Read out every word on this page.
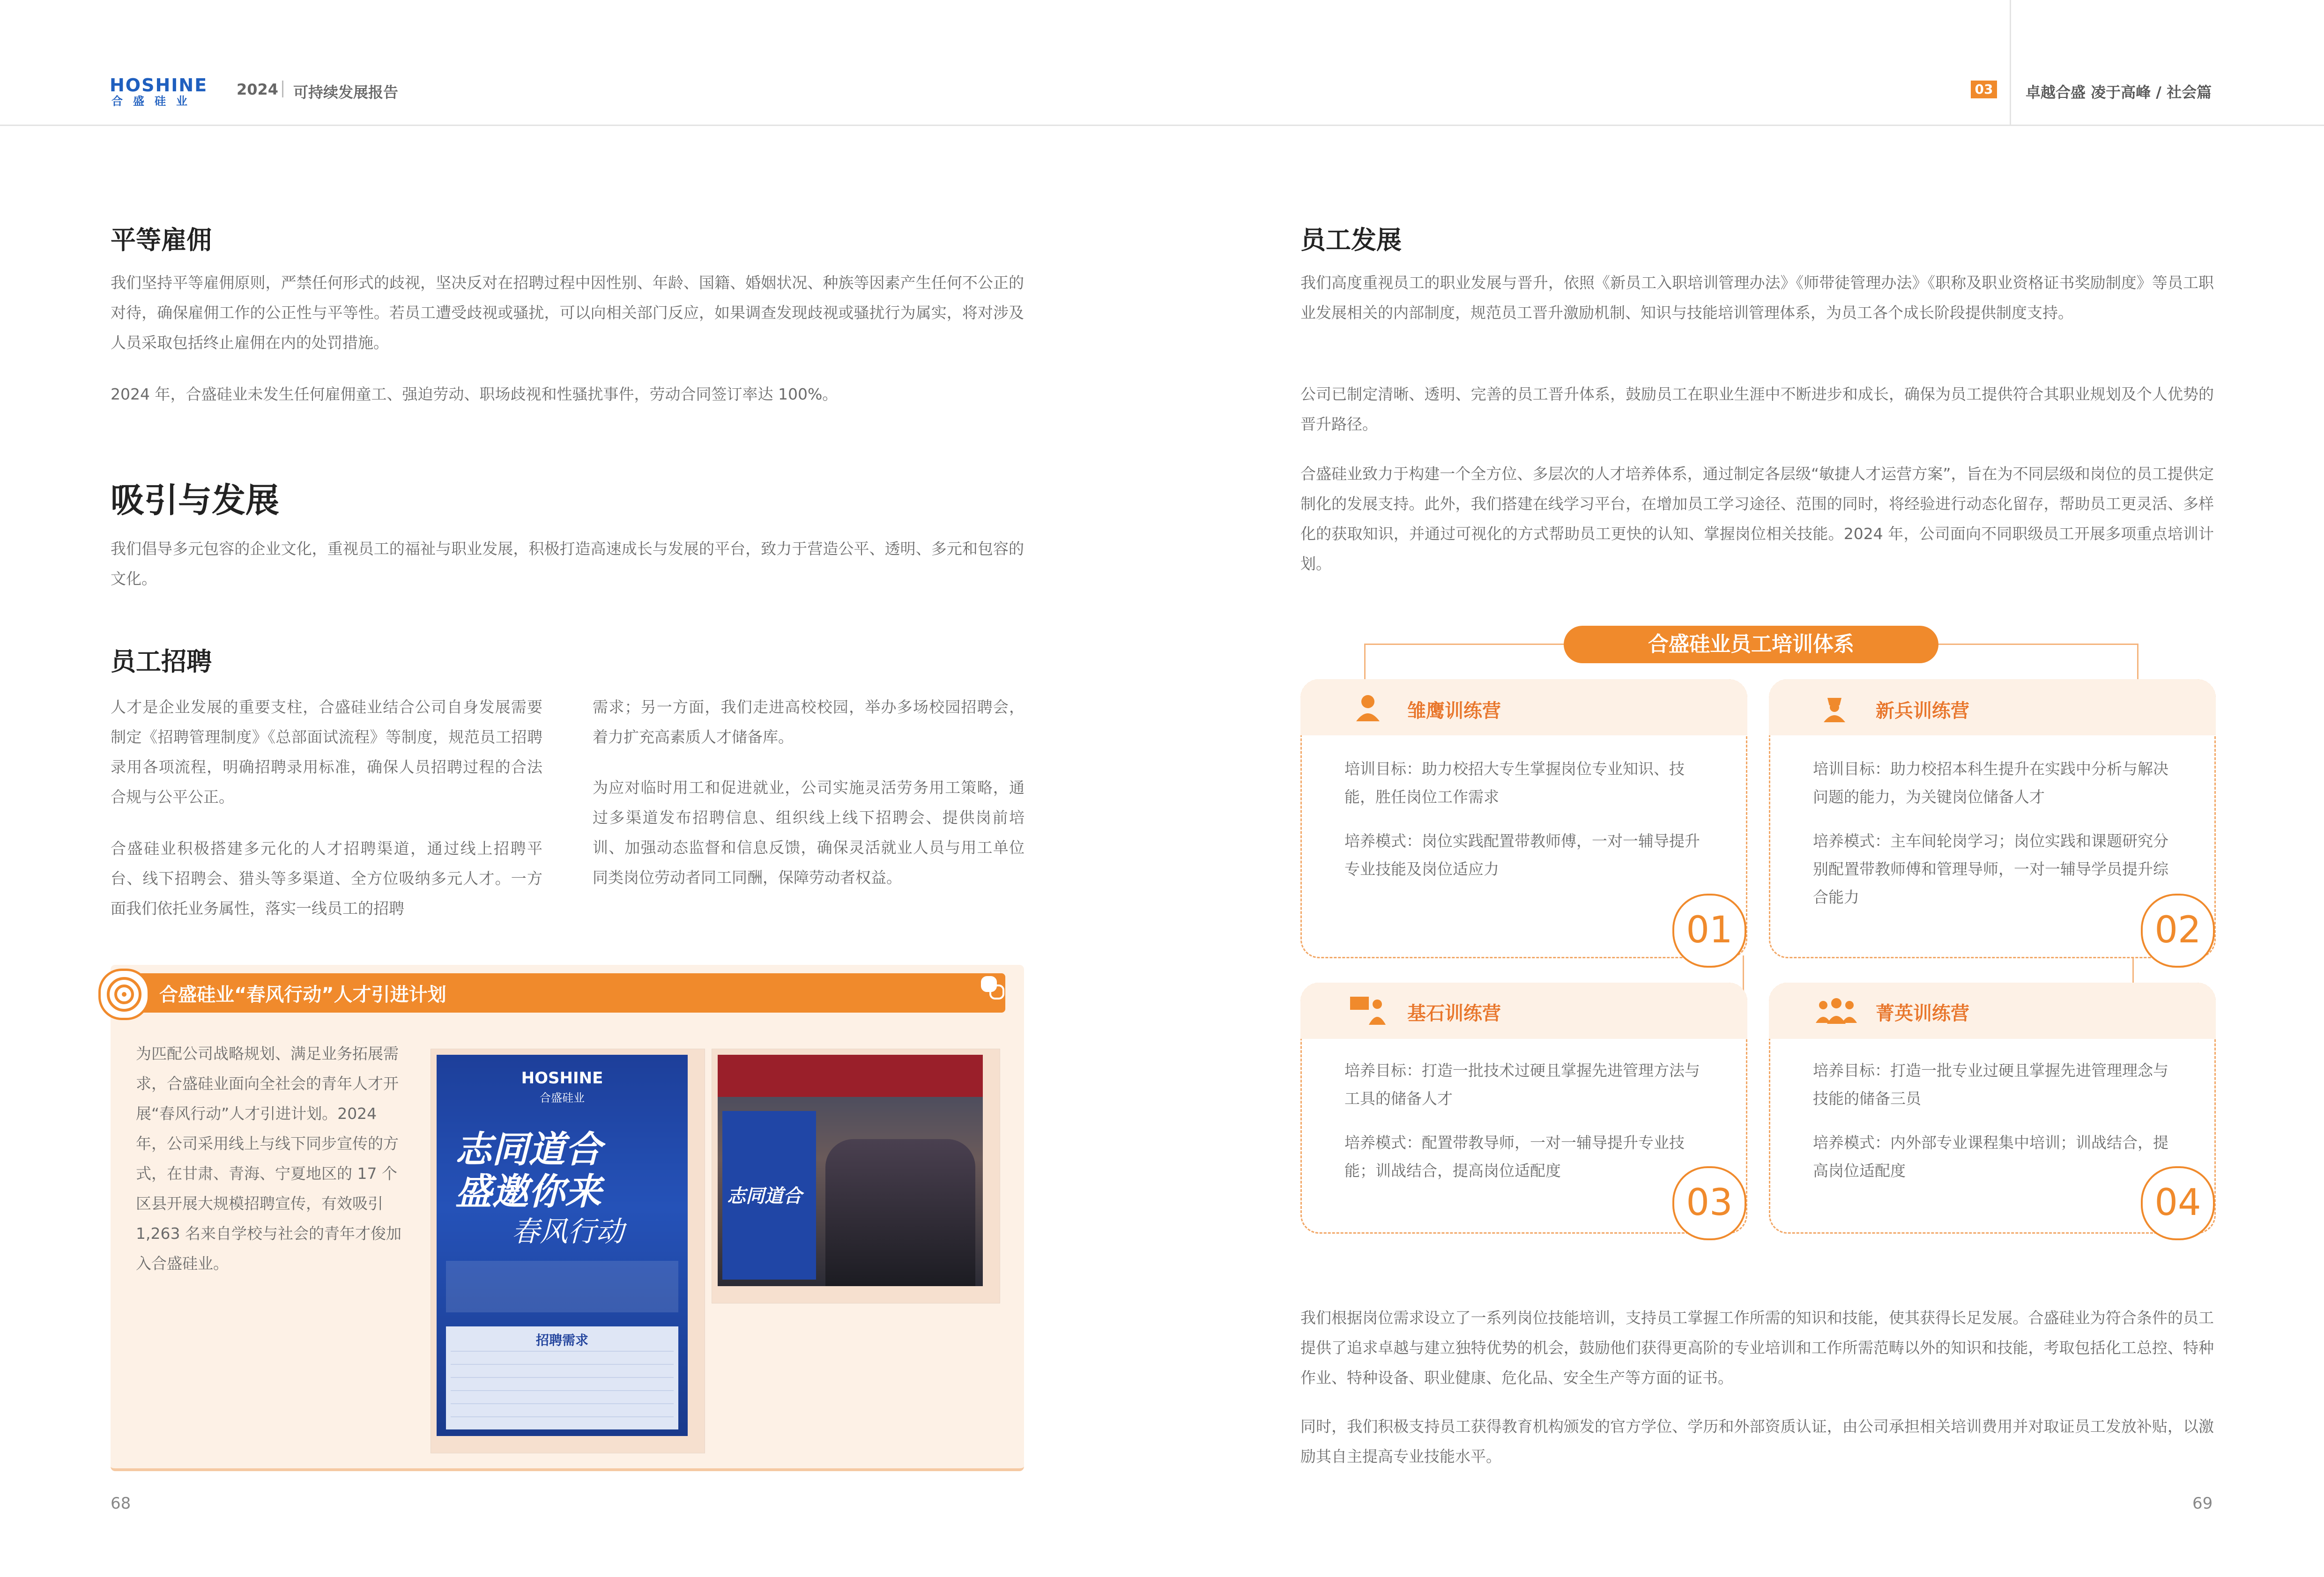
HOSHINE
合盛硅业
2024 可持续发展报告	03 卓越合盛 凌于高峰 / 社会篇
平等雇佣
我们坚持平等雇佣原则，严禁任何形式的歧视，坚决反对在招聘过程中因性别、年龄、国籍、婚姻状况、种族等因素产生任何不公正的对待，确保雇佣工作的公正性与平等性。若员工遭受歧视或骚扰，可以向相关部门反应，如果调查发现歧视或骚扰行为属实，将对涉及人员采取包括终止雇佣在内的处罚措施。
2024 年，合盛硅业未发生任何雇佣童工、强迫劳动、职场歧视和性骚扰事件，劳动合同签订率达 100%。
吸引与发展
我们倡导多元包容的企业文化，重视员工的福祉与职业发展，积极打造高速成长与发展的平台，致力于营造公平、透明、多元和包容的文化。
员工招聘
人才是企业发展的重要支柱，合盛硅业结合公司自身发展需要制定《招聘管理制度》《总部面试流程》等制度，规范员工招聘录用各项流程，明确招聘录用标准，确保人员招聘过程的合法合规与公平公正。
合盛硅业积极搭建多元化的人才招聘渠道，通过线上招聘平台、线下招聘会、猎头等多渠道、全方位吸纳多元人才。一方面我们依托业务属性，落实一线员工的招聘
需求；另一方面，我们走进高校校园，举办多场校园招聘会，着力扩充高素质人才储备库。
为应对临时用工和促进就业，公司实施灵活劳务用工策略，通过多渠道发布招聘信息、组织线上线下招聘会、提供岗前培训、加强动态监督和信息反馈，确保灵活就业人员与用工单位同类岗位劳动者同工同酬，保障劳动者权益。
合盛硅业“春风行动”人才引进计划
为匹配公司战略规划、满足业务拓展需求，合盛硅业面向全社会的青年人才开展“春风行动”人才引进计划。2024 年，公司采用线上与线下同步宣传的方式，在甘肃、青海、宁夏地区的 17 个区县开展大规模招聘宣传，有效吸引 1,263 名来自学校与社会的青年才俊加入合盛硅业。
HOSHINE
合盛硅业
志同道合
盛邀你来
春风行动
招聘需求
志同道合
68
员工发展
我们高度重视员工的职业发展与晋升，依照《新员工入职培训管理办法》《师带徒管理办法》《职称及职业资格证书奖励制度》等员工职业发展相关的内部制度，规范员工晋升激励机制、知识与技能培训管理体系，为员工各个成长阶段提供制度支持。
公司已制定清晰、透明、完善的员工晋升体系，鼓励员工在职业生涯中不断进步和成长，确保为员工提供符合其职业规划及个人优势的晋升路径。
合盛硅业致力于构建一个全方位、多层次的人才培养体系，通过制定各层级“敏捷人才运营方案”，旨在为不同层级和岗位的员工提供定制化的发展支持。此外，我们搭建在线学习平台，在增加员工学习途径、范围的同时，将经验进行动态化留存，帮助员工更灵活、多样化的获取知识，并通过可视化的方式帮助员工更快的认知、掌握岗位相关技能。2024 年，公司面向不同职级员工开展多项重点培训计划。
合盛硅业员工培训体系
雏鹰训练营
培训目标：助力校招大专生掌握岗位专业知识、技能，胜任岗位工作需求
培养模式：岗位实践配置带教师傅，一对一辅导提升专业技能及岗位适应力
01
新兵训练营
培训目标：助力校招本科生提升在实践中分析与解决问题的能力，为关键岗位储备人才
培养模式：主车间轮岗学习；岗位实践和课题研究分别配置带教师傅和管理导师，一对一辅导学员提升综合能力
02
基石训练营
培养目标：打造一批技术过硬且掌握先进管理方法与工具的储备人才
培养模式：配置带教导师，一对一辅导提升专业技能；训战结合，提高岗位适配度
03
菁英训练营
培养目标：打造一批专业过硬且掌握先进管理理念与技能的储备三员
培养模式：内外部专业课程集中培训；训战结合，提高岗位适配度
04
我们根据岗位需求设立了一系列岗位技能培训，支持员工掌握工作所需的知识和技能，使其获得长足发展。合盛硅业为符合条件的员工提供了追求卓越与建立独特优势的机会，鼓励他们获得更高阶的专业培训和工作所需范畴以外的知识和技能，考取包括化工总控、特种作业、特种设备、职业健康、危化品、安全生产等方面的证书。
同时，我们积极支持员工获得教育机构颁发的官方学位、学历和外部资质认证，由公司承担相关培训费用并对取证员工发放补贴，以激励其自主提高专业技能水平。
69
